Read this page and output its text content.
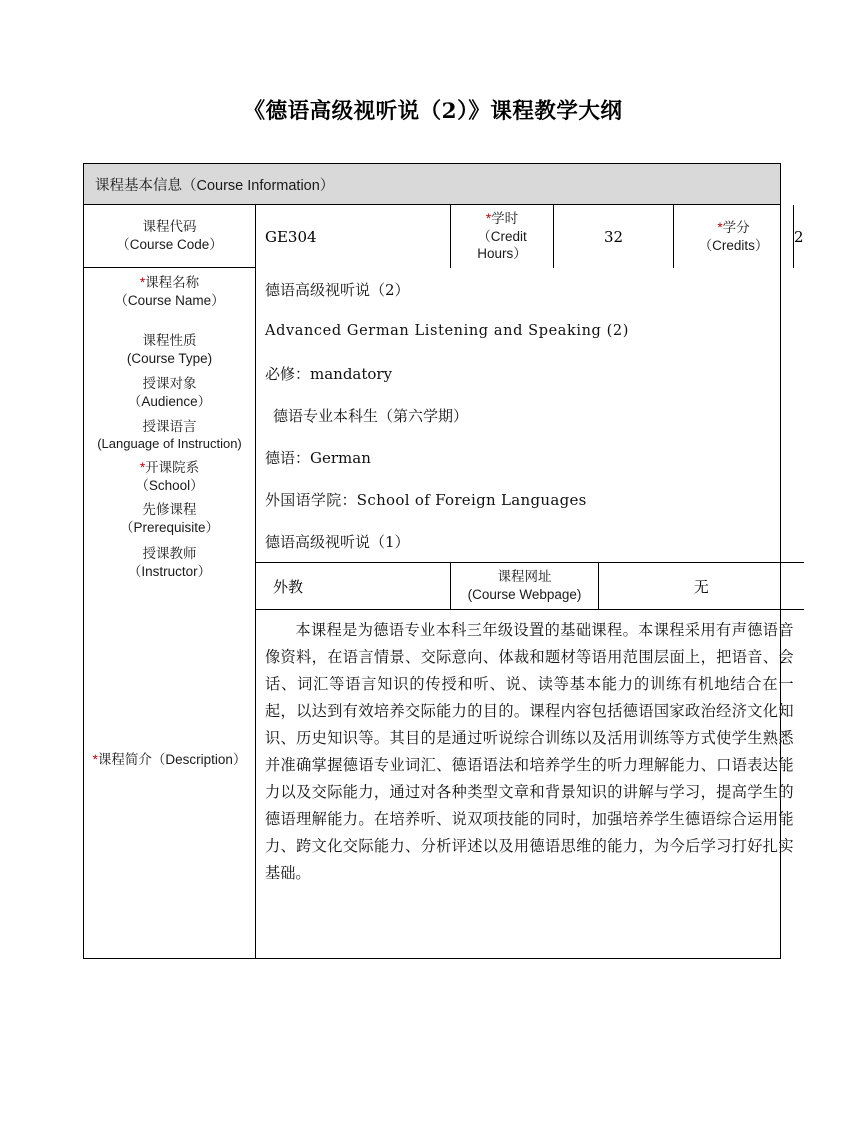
《德语高级视听说（2）》课程教学大纲
课程基本信息（Course Information）
课程代码
（Course Code）
*课程名称
（Course Name）
课程性质
(Course Type)
授课对象
（Audience）
授课语言
(Language of Instruction)
*开课院系
（School）
先修课程
（Prerequisite）
授课教师
（Instructor）
*课程简介（Description）
GE304
*学时
（Credit
Hours）
32
*学分
（Credits） 2
德语高级视听说（2）
Advanced German Listening and Speaking (2)
必修：mandatory
德语专业本科生（第六学期）
德语：German
外国语学院：School of Foreign Languages
德语高级视听说（1）
外教
课程网址
(Course Webpage)	无

本课程是为德语专业本科三年级设置的基础课程。本课程采用有声德语音像资料，在语言情景、交际意向、体裁和题材等语用范围层面上，把语音、会话、词汇等语言知识的传授和听、说、读等基本能力的训练有机地结合在一起，以达到有效培养交际能力的目的。课程内容包括德语国家政治经济文化知识、历史知识等。其目的是通过听说综合训练以及活用训练等方式使学生熟悉并准确掌握德语专业词汇、德语语法和培养学生的听力理解能力、口语表达能力以及交际能力，通过对各种类型文章和背景知识的讲解与学习，提高学生的德语理解能力。在培养听、说双项技能的同时，加强培养学生德语综合运用能力、跨文化交际能力、分析评述以及用德语思维的能力，为今后学习打好扎实基础。
